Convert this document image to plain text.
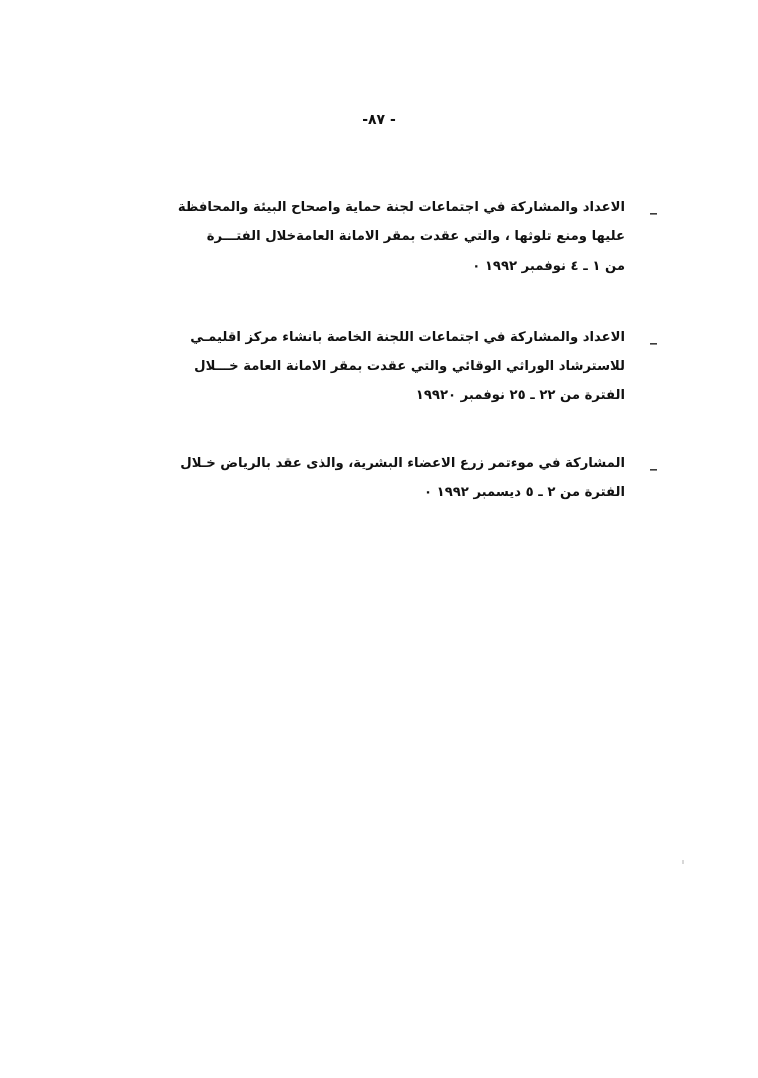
- ٨٧-
_
الاعداد والمشاركة في اجتماعات لجنة حماية واصحاح البيئة والمحافظة
عليها ومنع تلوثها ، والتي عقدت بمقر الامانة العامةخلال الفتـــرة
من ١ ـ ٤ نوفمبر ١٩٩٢ ٠
_
الاعداد والمشاركة في اجتماعات اللجنة الخاصة بانشاء مركز اقليمـي
للاسترشاد الوراثي الوقائي والتي عقدت بمقر الامانة العامة خـــلال
الفترة من ٢٢ ـ ٢٥ نوفمبر ١٩٩٢٠
_
المشاركة في موءتمر زرع الاعضاء البشرية، والذى عقد بالرياض خـلال
الفترة من ٢ ـ ٥ ديسمبر ١٩٩٢ ٠
